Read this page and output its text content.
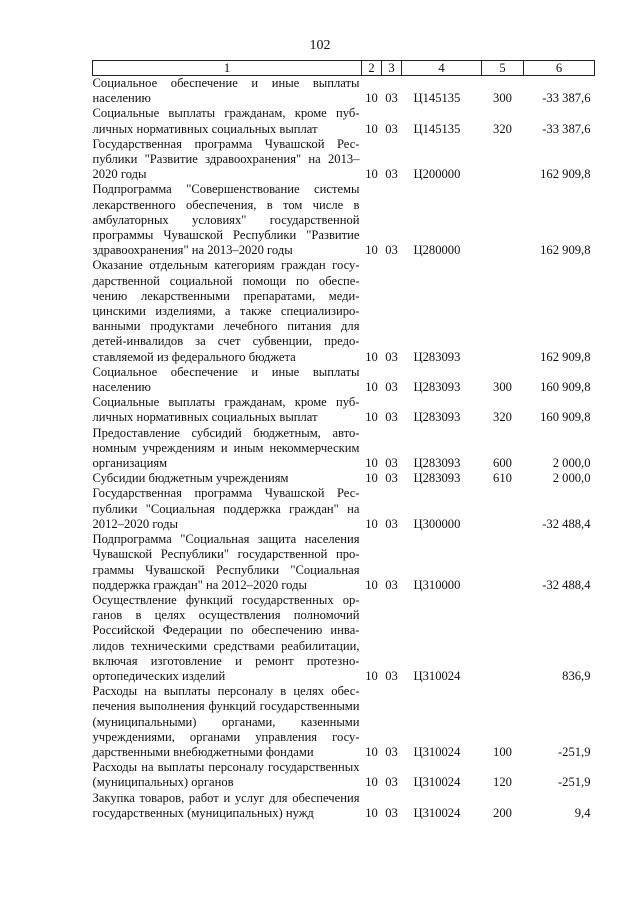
102
1	2	3	4	5	6
Социальное обеспечение и иные выплаты населению	10	03	Ц145135	300	-33 387,6
Социальные выплаты гражданам, кроме публичных нормативных социальных выплат	10	03	Ц145135	320	-33 387,6
Государственная программа Чувашской Республики "Развитие здравоохранения" на 2013–2020 годы	10	03	Ц200000		162 909,8
Подпрограмма "Совершенствование системы лекарственного обеспечения, в том числе в амбулаторных условиях" государственной программы Чувашской Республики "Развитие здравоохранения" на 2013–2020 годы	10	03	Ц280000		162 909,8
Оказание отдельным категориям граждан государственной социальной помощи по обеспечению лекарственными препаратами, медицинскими изделиями, а также специализированными продуктами лечебного питания для детей-инвалидов за счет субвенции, предоставляемой из федерального бюджета	10	03	Ц283093		162 909,8
Социальное обеспечение и иные выплаты населению	10	03	Ц283093	300	160 909,8
Социальные выплаты гражданам, кроме публичных нормативных социальных выплат	10	03	Ц283093	320	160 909,8
Предоставление субсидий бюджетным, автономным учреждениям и иным некоммерческим организациям	10	03	Ц283093	600	2 000,0
Субсидии бюджетным учреждениям	10	03	Ц283093	610	2 000,0
Государственная программа Чувашской Республики "Социальная поддержка граждан" на 2012–2020 годы	10	03	Ц300000		-32 488,4
Подпрограмма "Социальная защита населения Чувашской Республики" государственной программы Чувашской Республики "Социальная поддержка граждан" на 2012–2020 годы	10	03	Ц310000		-32 488,4
Осуществление функций государственных органов в целях осуществления полномочий Российской Федерации по обеспечению инвалидов техническими средствами реабилитации, включая изготовление и ремонт протезно-ортопедических изделий	10	03	Ц310024		836,9
Расходы на выплаты персоналу в целях обеспечения выполнения функций государственными (муниципальными) органами, казенными учреждениями, органами управления государственными внебюджетными фондами	10	03	Ц310024	100	-251,9
Расходы на выплаты персоналу государственных (муниципальных) органов	10	03	Ц310024	120	-251,9
Закупка товаров, работ и услуг для обеспечения государственных (муниципальных) нужд	10	03	Ц310024	200	9,4
